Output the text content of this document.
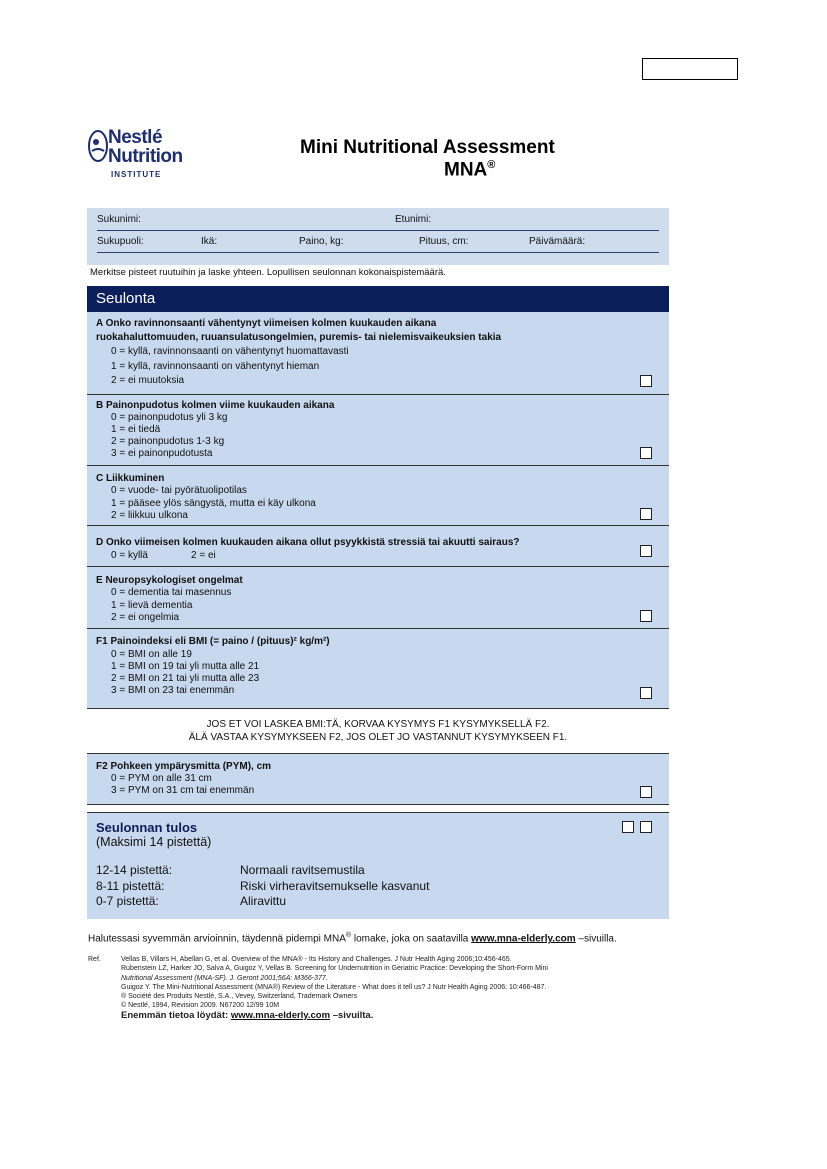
Nestlé
Nutrition
INSTITUTE
Mini Nutritional Assessment
MNA®
Sukunimi:	Etunimi:
Sukupuoli:	Ikä:	Paino, kg:	Pituus, cm:	Päivämäärä:
Merkitse pisteet ruutuihin ja laske yhteen. Lopullisen seulonnan kokonaispistemäärä.
Seulonta
A Onko ravinnonsaanti vähentynyt viimeisen kolmen kuukauden aikana
ruokahaluttomuuden, ruuansulatusongelmien, puremis- tai nielemisvaikeuksien takia
0 = kyllä, ravinnonsaanti on vähentynyt huomattavasti
1 = kyllä, ravinnonsaanti on vähentynyt hieman
2 = ei muutoksia
B Painonpudotus kolmen viime kuukauden aikana
0 = painonpudotus yli 3 kg
1 = ei tiedä
2 = painonpudotus 1-3 kg
3 = ei painonpudotusta
C Liikkuminen
0 = vuode- tai pyörätuolipotilas
1 = pääsee ylös sängystä, mutta ei käy ulkona
2 = liikkuu ulkona
D Onko viimeisen kolmen kuukauden aikana ollut psyykkistä stressiä tai akuutti sairaus?
0 = kyllä	2 = ei
E Neuropsykologiset ongelmat
0 = dementia tai masennus
1 = lievä dementia
2 = ei ongelmia
F1 Painoindeksi eli BMI (= paino / (pituus)² kg/m²)
0 = BMI on alle 19
1 = BMI on 19 tai yli mutta alle 21
2 = BMI on 21 tai yli mutta alle 23
3 = BMI on 23 tai enemmän
JOS ET VOI LASKEA BMI:TÄ, KORVAA KYSYMYS F1 KYSYMYKSELLÄ F2.
ÄLÄ VASTAA KYSYMYKSEEN F2, JOS OLET JO VASTANNUT KYSYMYKSEEN F1.
F2 Pohkeen ympärysmitta (PYM), cm
0 = PYM on alle 31 cm
3 = PYM on 31 cm tai enemmän
Seulonnan tulos
(Maksimi 14 pistettä)
12-14 pistettä:	Normaali ravitsemustila
8-11 pistettä:	Riski virheravitsemukselle kasvanut
0-7 pistettä:	Aliravittu
Halutessasi syvemmän arvioinnin, täydennä pidempi MNA® lomake, joka on saatavilla www.mna-elderly.com –sivuilla.
Ref.	Vellas B, Villars H, Abellan G, et al. Overview of the MNA® - Its History and Challenges. J Nutr Health Aging 2006;10:456-465.
Rubenstein LZ, Harker JO, Salva A, Guigoz Y, Vellas B. Screening for Undernutrition in Geriatric Practice: Developing the Short-Form Mini
Nutritional Assessment (MNA-SF). J. Geront 2001;56A: M366-377.
Guigoz Y. The Mini-Nutritional Assessment (MNA®) Review of the Literature - What does it tell us? J Nutr Health Aging 2006; 10:466-487.
® Société des Produits Nestlé, S.A., Vevey, Switzerland, Trademark Owners
© Nestlé, 1994, Revision 2009. N67200 12/99 10M
Enemmän tietoa löydät: www.mna-elderly.com –sivuilta.
